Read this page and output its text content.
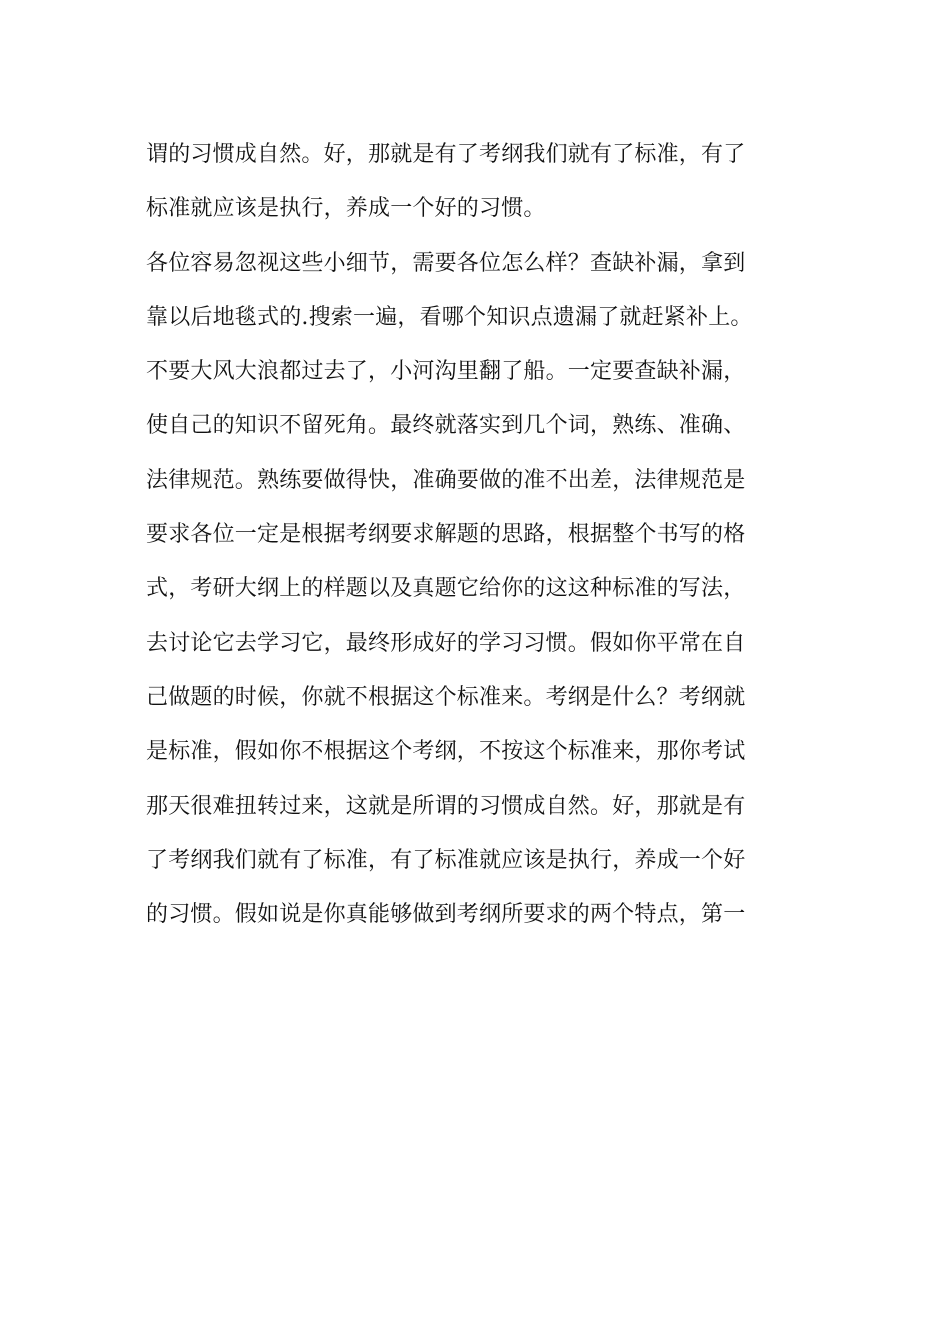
谓的习惯成自然。好，那就是有了考纲我们就有了标准，有了
标准就应该是执行，养成一个好的习惯。
各位容易忽视这些小细节，需要各位怎么样？查缺补漏，拿到
靠以后地毯式的.搜索一遍，看哪个知识点遗漏了就赶紧补上。
不要大风大浪都过去了，小河沟里翻了船。一定要查缺补漏，
使自己的知识不留死角。最终就落实到几个词，熟练、准确、
法律规范。熟练要做得快，准确要做的准不出差，法律规范是
要求各位一定是根据考纲要求解题的思路，根据整个书写的格
式，考研大纲上的样题以及真题它给你的这这种标准的写法，
去讨论它去学习它，最终形成好的学习习惯。假如你平常在自
己做题的时候，你就不根据这个标准来。考纲是什么？考纲就
是标准，假如你不根据这个考纲，不按这个标准来，那你考试
那天很难扭转过来，这就是所谓的习惯成自然。好，那就是有
了考纲我们就有了标准，有了标准就应该是执行，养成一个好
的习惯。假如说是你真能够做到考纲所要求的两个特点，第一
